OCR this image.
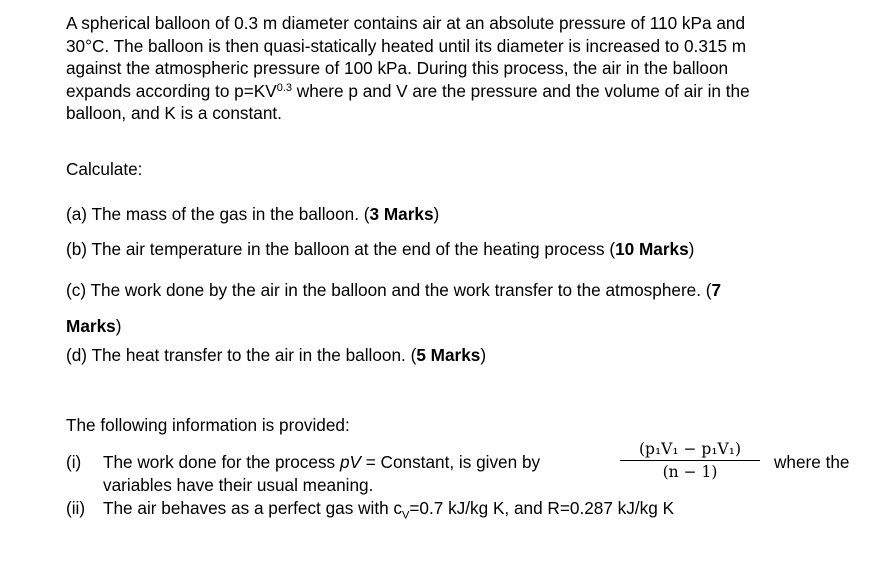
A spherical balloon of 0.3 m diameter contains air at an absolute pressure of 110 kPa and
30°C. The balloon is then quasi-statically heated until its diameter is increased to 0.315 m
against the atmospheric pressure of 100 kPa. During this process, the air in the balloon
expands according to $p=KV^{0.3}$ where p and V are the pressure and the volume of air in the
balloon, and K is a constant.

Calculate:
(a) The mass of the gas in the balloon. (3 Marks)
(b) The air temperature in the balloon at the end of the heating process (10 Marks)
(c) The work done by the air in the balloon and the work transfer to the atmosphere. (7
Marks)
(d) The heat transfer to the air in the balloon. (5 Marks)
The following information is provided:
(i) The work done for the process pV = Constant, is given by	where the
$\frac{\text{(p₁V₁ − p₁V₁)}}{(n - 1)}$
variables have their usual meaning.
(ii) The air behaves as a perfect gas with $c_V=0.7$ kJ/kg K, and R=0.287 kJ/kg K
